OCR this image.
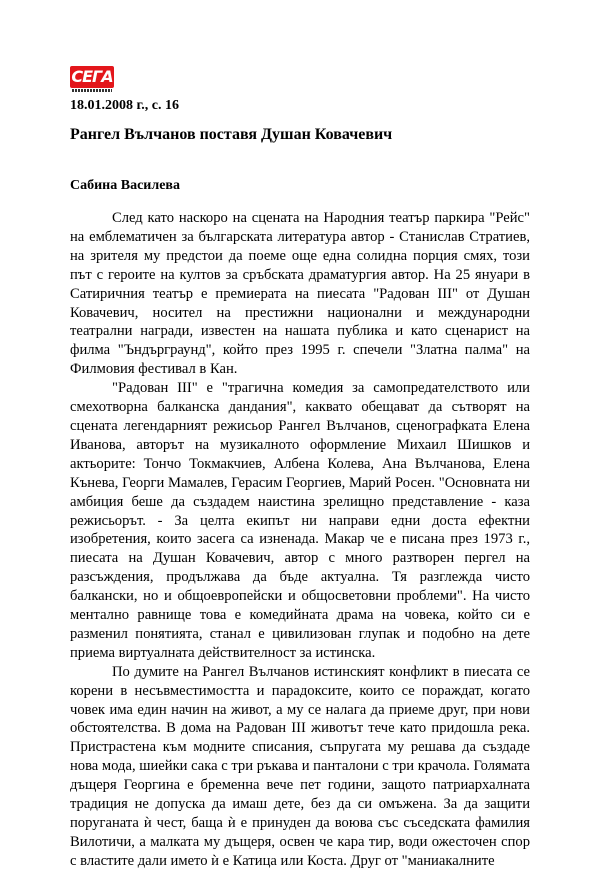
СЕГА
18.01.2008 г., с. 16
Рангел Вълчанов поставя Душан Ковачевич
Сабина Василева

След като наскоро на сцената на Народния театър паркира "Рейс" на емблематичен за българската литература автор - Станислав Стратиев, на зрителя му предстои да поеме още една солидна порция смях, този път с героите на култов за сръбската драматургия автор. На 25 януари в Сатиричния театър е премиерата на пиесата "Радован III" от Душан Ковачевич, носител на престижни национални и международни театрални награди, известен на нашата публика и като сценарист на филма "Ъндърграунд", който през 1995 г. спечели "Златна палма" на Филмовия фестивал в Кан.

"Радован III" е "трагична комедия за самопредателството или смехотворна балканска дандания", каквато обещават да сътворят на сцената легендарният режисьор Рангел Вълчанов, сценографката Елена Иванова, авторът на музикалното оформление Михаил Шишков и актьорите: Тончо Токмакчиев, Албена Колева, Ана Вълчанова, Елена Кънева, Георги Мамалев, Герасим Георгиев, Марий Росен. "Основната ни амбиция беше да създадем наистина зрелищно представление - каза режисьорът. - За целта екипът ни направи едни доста ефектни изобретения, които засега са изненада. Макар че е писана през 1973 г., пиесата на Душан Ковачевич, автор с много разтворен пергел на разсъждения, продължава да бъде актуална. Тя разглежда чисто балкански, но и общоевропейски и общосветовни проблеми". На чисто ментално равнище това е комедийната драма на човека, който си е разменил понятията, станал е цивилизован глупак и подобно на дете приема виртуалната действителност за истинска.

По думите на Рангел Вълчанов истинският конфликт в пиесата се корени в несъвместимостта и парадоксите, които се пораждат, когато човек има един начин на живот, а му се налага да приеме друг, при нови обстоятелства. В дома на Радован III животът тече като придошла река. Пристрастена към модните списания, съпругата му решава да създаде нова мода, шиейки сака с три ръкава и панталони с три крачола. Голямата дъщеря Георгина е бременна вече пет години, защото патриархалната традиция не допуска да имаш дете, без да си омъжена. За да защити поруганата ѝ чест, баща ѝ е принуден да воюва със съседската фамилия Вилотичи, а малката му дъщеря, освен че кара тир, води ожесточен спор с властите дали името ѝ е Катица или Коста. Друг от "маниакалните
